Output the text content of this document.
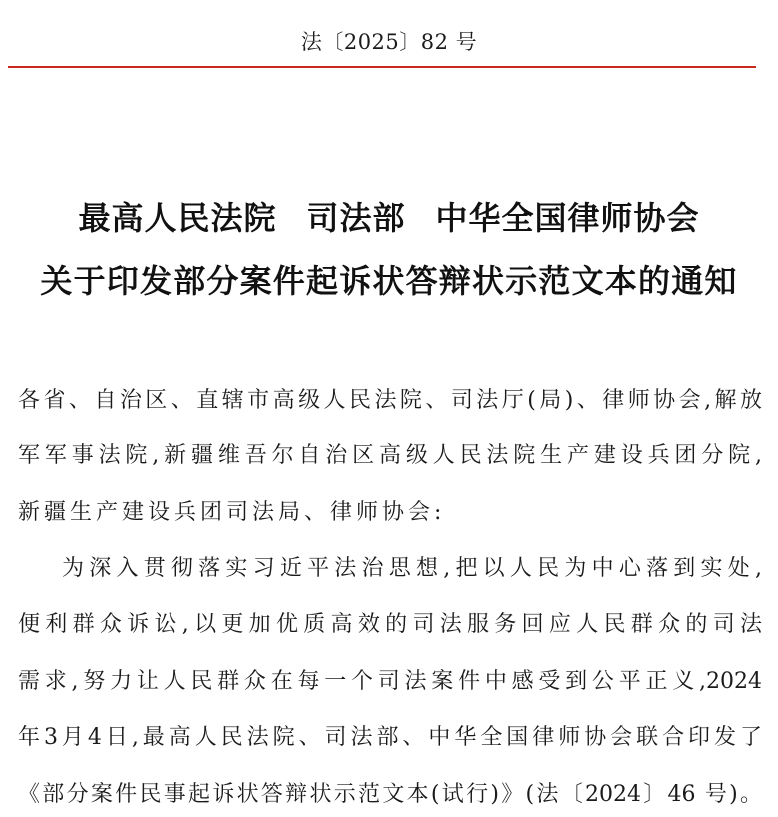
法〔2025〕82 号
最高人民法院 司法部 中华全国律师协会
关于印发部分案件起诉状答辩状示范文本的通知
各省、自治区、直辖市高级人民法院、司法厅(局)、律师协会,解放
军军事法院,新疆维吾尔自治区高级人民法院生产建设兵团分院,
新疆生产建设兵团司法局、律师协会:
为深入贯彻落实习近平法治思想,把以人民为中心落到实处,
便利群众诉讼,以更加优质高效的司法服务回应人民群众的司法
需求,努力让人民群众在每一个司法案件中感受到公平正义,2024
年3月4日,最高人民法院、司法部、中华全国律师协会联合印发了
《部分案件民事起诉状答辩状示范文本(试行)》(法〔2024〕46 号)。
